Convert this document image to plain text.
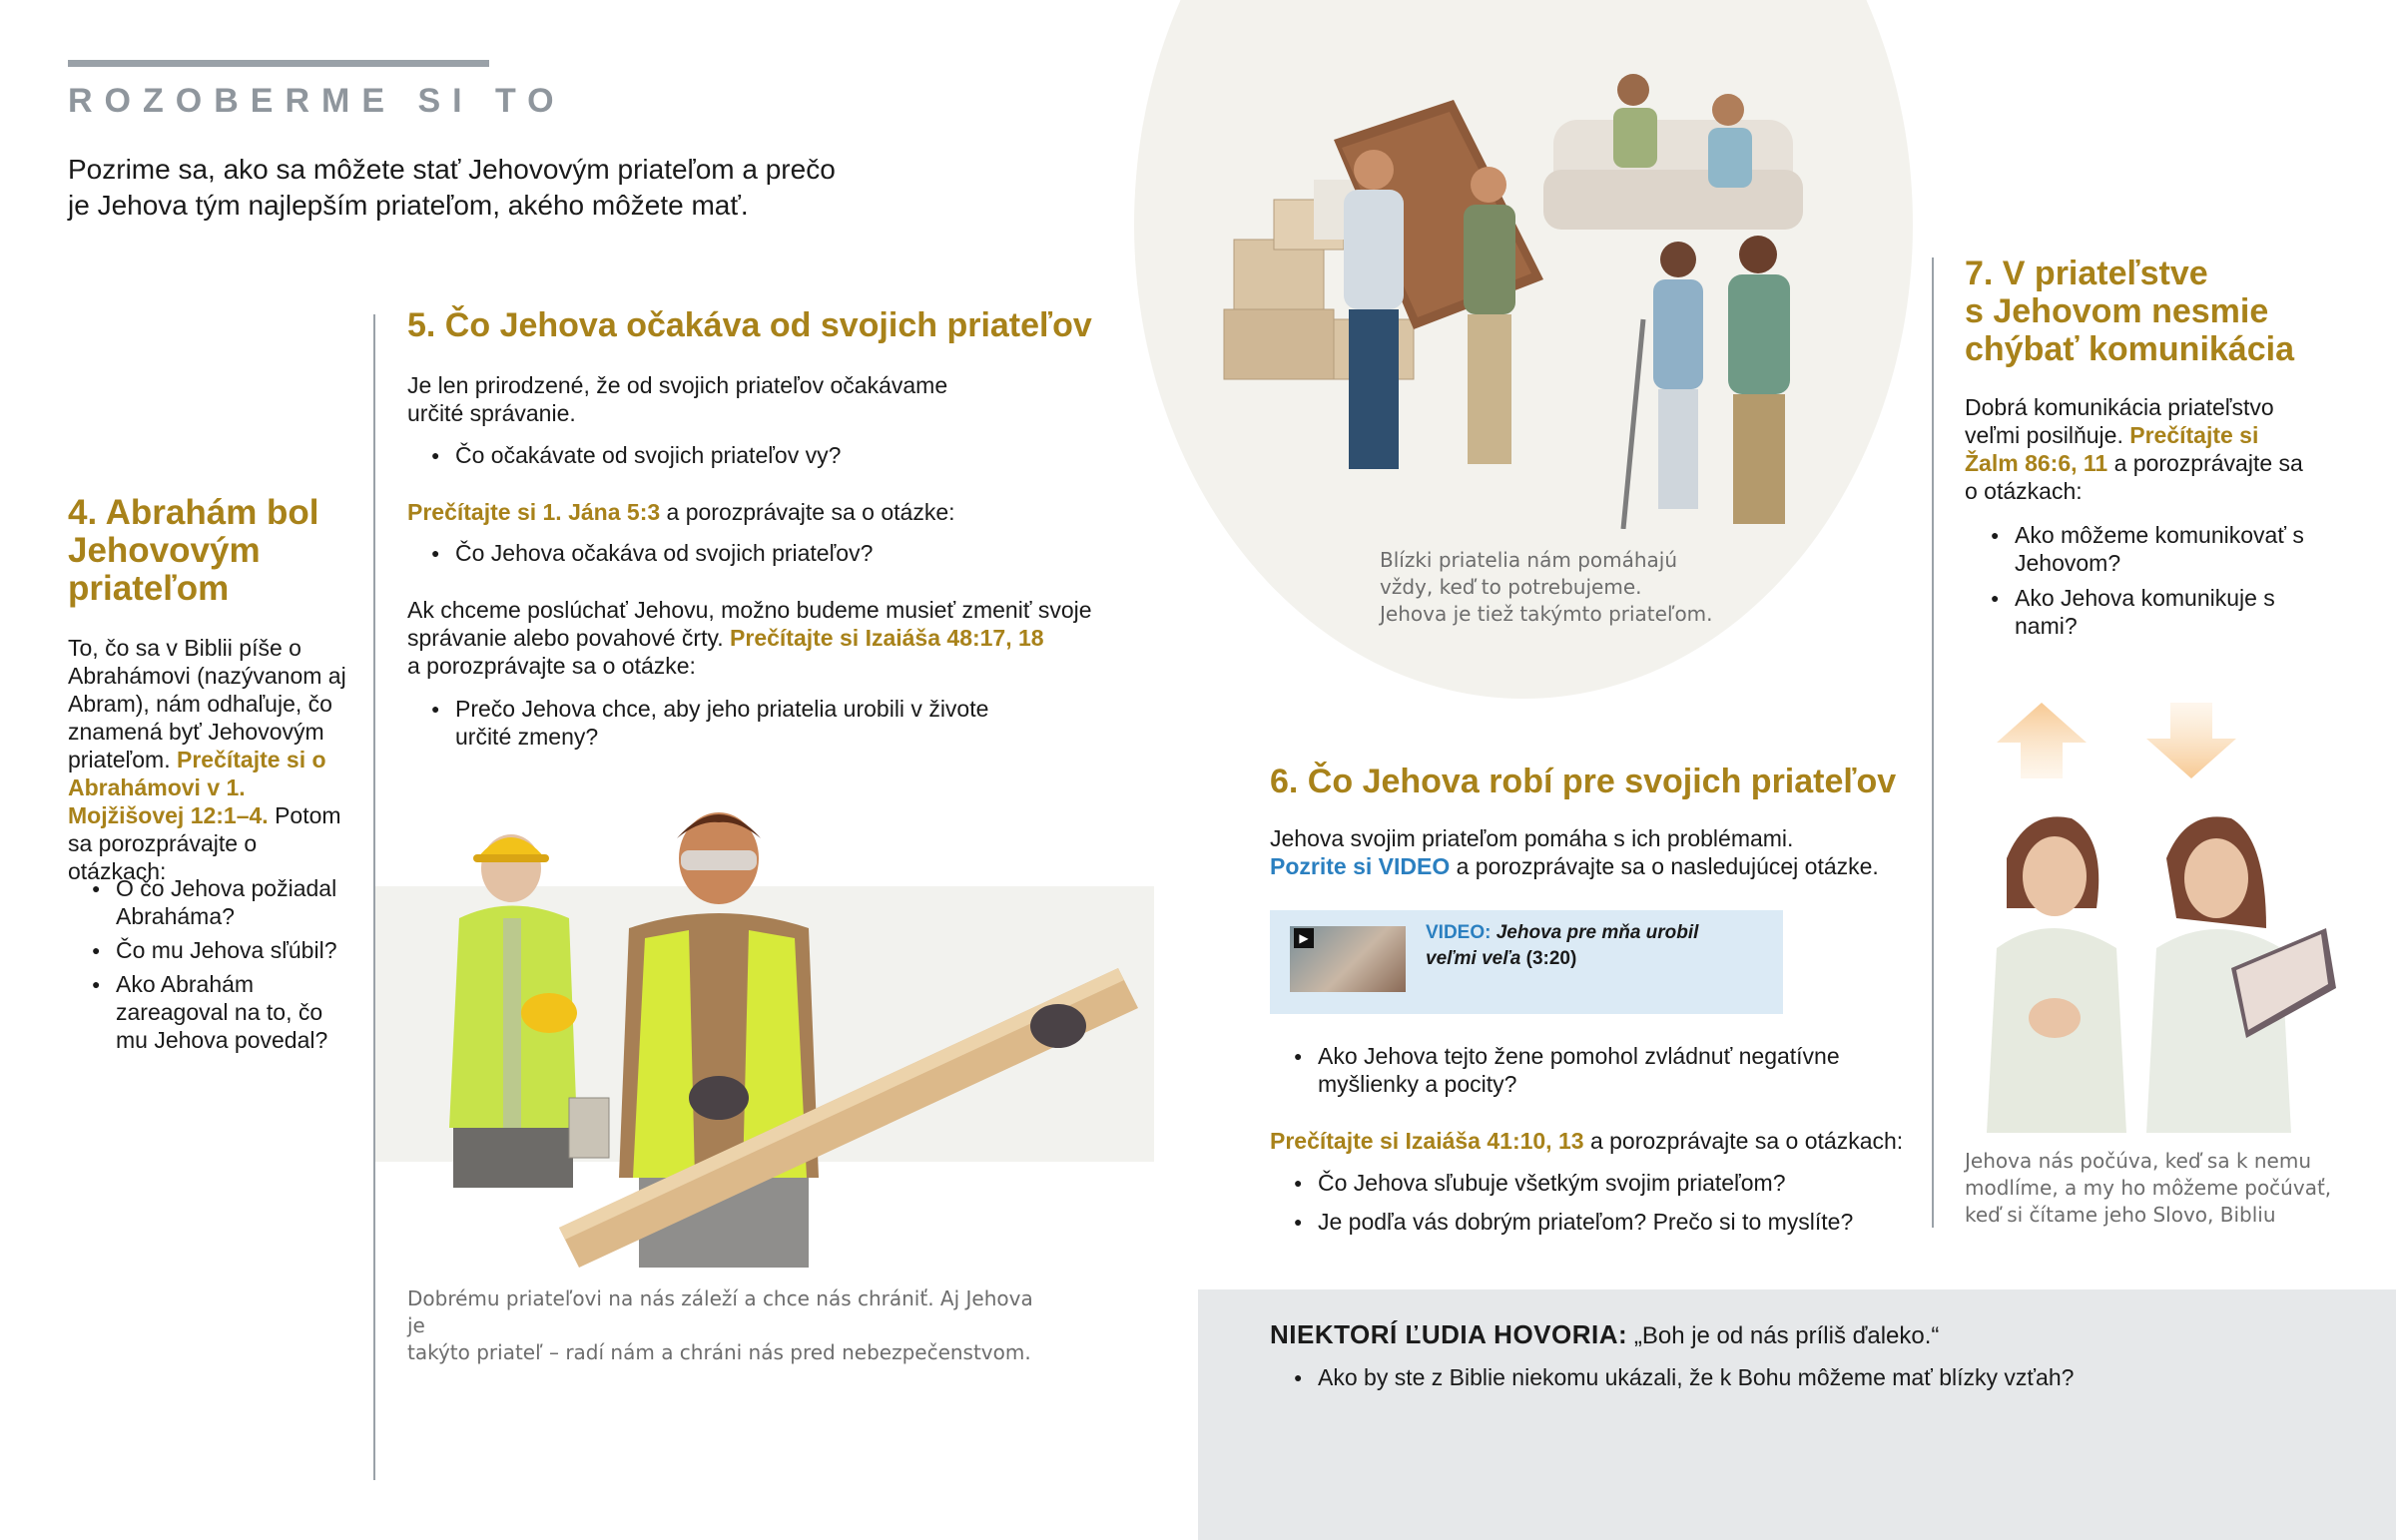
ROZOBERME SI TO
Pozrime sa, ako sa môžete stať Jehovovým priateľom a prečo
je Jehova tým najlepším priateľom, akého môžete mať.
4. Abrahám bol Jehovovým priateľom
To, čo sa v Biblii píše o Abrahámovi (nazývanom aj Abram), nám odhaľuje, čo znamená byť Jehovovým priateľom. Prečítajte si o Abrahámovi v 1. Mojžišovej 12:1–4. Potom sa porozprávajte o otázkach:
● O čo Jehova požiadal Abraháma?
● Čo mu Jehova sľúbil?
● Ako Abrahám zareagoval na to, čo mu Jehova povedal?
5. Čo Jehova očakáva od svojich priateľov
Je len prirodzené, že od svojich priateľov očakávame
určité správanie.
● Čo očakávate od svojich priateľov vy?
Prečítajte si 1. Jána 5:3 a porozprávajte sa o otázke:
● Čo Jehova očakáva od svojich priateľov?
Ak chceme poslúchať Jehovu, možno budeme musieť zmeniť svoje
správanie alebo povahové črty. Prečítajte si Izaiáša 48:17, 18
a porozprávajte sa o otázke:
● Prečo Jehova chce, aby jeho priatelia urobili v živote
určité zmeny?
Dobrému priateľovi na nás záleží a chce nás chrániť. Aj Jehova je
takýto priateľ – radí nám a chráni nás pred nebezpečenstvom.
Blízki priatelia nám pomáhajú
vždy, keď to potrebujeme.
Jehova je tiež takýmto priateľom.
6. Čo Jehova robí pre svojich priateľov
Jehova svojim priateľom pomáha s ich problémami.
Pozrite si VIDEO a porozprávajte sa o nasledujúcej otázke.
▶	VIDEO: Jehova pre mňa urobil
veľmi veľa (3:20)
● Ako Jehova tejto žene pomohol zvládnuť negatívne
myšlienky a pocity?
Prečítajte si Izaiáša 41:10, 13 a porozprávajte sa o otázkach:
● Čo Jehova sľubuje všetkým svojim priateľom?
● Je podľa vás dobrým priateľom? Prečo si to myslíte?
7. V priateľstve
s Jehovom nesmie
chýbať komunikácia
Dobrá komunikácia priateľstvo
veľmi posilňuje. Prečítajte si
Žalm 86:6, 11 a porozprávajte sa
o otázkach:
● Ako môžeme komunikovať s Jehovom?
● Ako Jehova komunikuje s nami?
Jehova nás počúva, keď sa k nemu
modlíme, a my ho môžeme počúvať,
keď si čítame jeho Slovo, Bibliu
NIEKTORÍ ĽUDIA HOVORIA: „Boh je od nás príliš ďaleko.“
● Ako by ste z Biblie niekomu ukázali, že k Bohu môžeme mať blízky vzťah?
